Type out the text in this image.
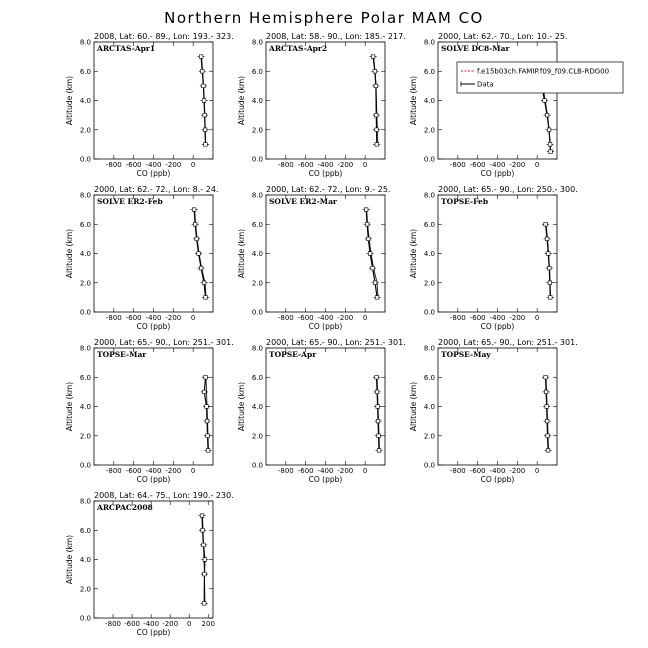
Northern Hemisphere Polar MAM CO
2008, Lat: 60.- 89., Lon: 193.- 323.
ARCTAS-Apr1
-800 -600 -400 -200 0
0.0
2.0
4.0
6.0
8.0
CO (ppb)
Altitude (km)
2008, Lat: 58.- 90., Lon: 185.- 217.
ARCTAS-Apr2
-800 -600 -400 -200 0
0.0
2.0
4.0
6.0
8.0
CO (ppb)
Altitude (km)
2000, Lat: 62.- 70., Lon: 10.- 25.
SOLVE DC8-Mar
-800 -600 -400 -200 0
0.0
2.0
4.0
6.0
8.0
CO (ppb)
Altitude (km)
2000, Lat: 62.- 72., Lon: 8.- 24.
SOLVE ER2-Feb
-800 -600 -400 -200 0
0.0
2.0
4.0
6.0
8.0
CO (ppb)
Altitude (km)
2000, Lat: 62.- 72., Lon: 9.- 25.
SOLVE ER2-Mar
-800 -600 -400 -200 0
0.0
2.0
4.0
6.0
8.0
CO (ppb)
Altitude (km)
2000, Lat: 65.- 90., Lon: 250.- 300.
TOPSE-Feb
-800 -600 -400 -200 0
0.0
2.0
4.0
6.0
8.0
CO (ppb)
Altitude (km)
2000, Lat: 65.- 90., Lon: 251.- 301.
TOPSE-Mar
-800 -600 -400 -200 0
0.0
2.0
4.0
6.0
8.0
CO (ppb)
Altitude (km)
2000, Lat: 65.- 90., Lon: 251.- 301.
TOPSE-Apr
-800 -600 -400 -200 0
0.0
2.0
4.0
6.0
8.0
CO (ppb)
Altitude (km)
2000, Lat: 65.- 90., Lon: 251.- 301.
TOPSE-May
-800 -600 -400 -200 0
0.0
2.0
4.0
6.0
8.0
CO (ppb)
Altitude (km)
2008, Lat: 64.- 75., Lon: 190.- 230.
ARCPAC2008
-800 -600 -400 -200 0 200
0.0
2.0
4.0
6.0
8.0
CO (ppb)
Altitude (km)
f.e15b03ch.FAMIP.f09_f09.CLB-RDG00
Data
